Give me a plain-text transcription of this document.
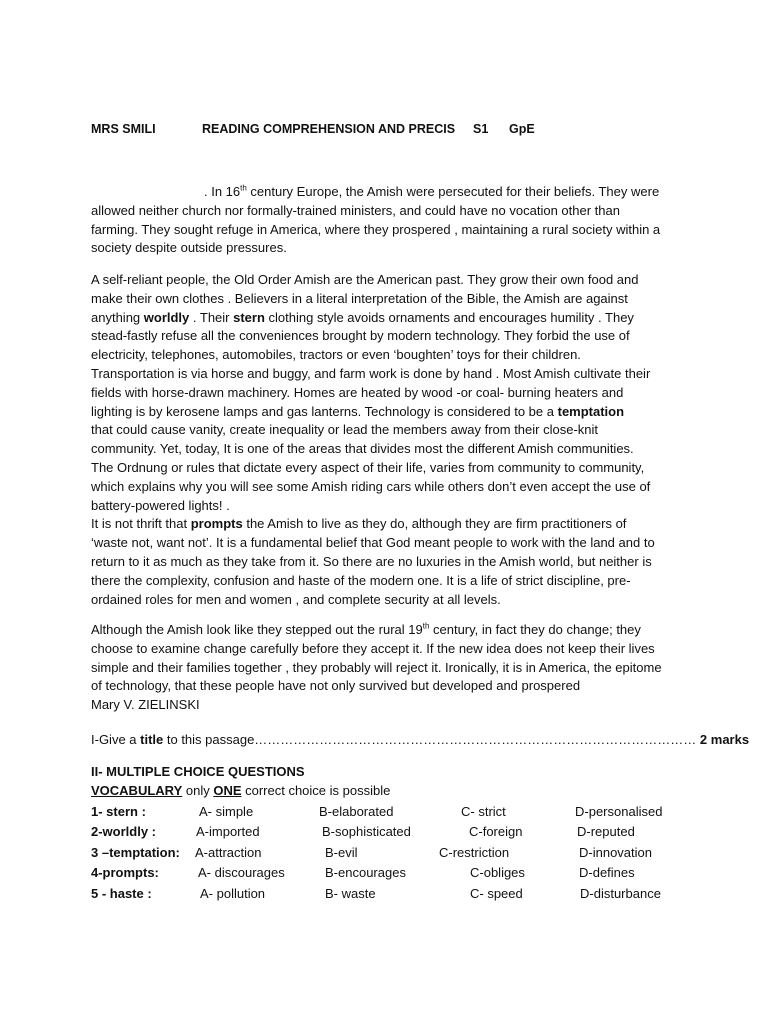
MRS SMILI

	READING COMPREHENSION AND PRECIS

S1

GpE

. In 16th century Europe, the Amish were persecuted for their beliefs. They were
allowed neither church nor formally-trained ministers, and could have no vocation other than
farming. They sought refuge in America, where they prospered , maintaining a rural society within a
society despite outside pressures.
A self-reliant people, the Old Order Amish are the American past. They grow their own food and
make their own clothes . Believers in a literal interpretation of the Bible, the Amish are against
anything worldly . Their stern clothing style avoids ornaments and encourages humility . They
stead-fastly refuse all the conveniences brought by modern technology. They forbid the use of
electricity, telephones, automobiles, tractors or even ‘boughten’ toys for their children.
Transportation is via horse and buggy, and farm work is done by hand . Most Amish cultivate their
fields with horse-drawn machinery. Homes are heated by wood -or coal- burning heaters and
lighting is by kerosene lamps and gas lanterns. Technology is considered to be a temptation
that could cause vanity, create inequality or lead the members away from their close-knit
community. Yet, today, It is one of the areas that divides most the different Amish communities.
The Ordnung or rules that dictate every aspect of their life, varies from community to community,
which explains why you will see some Amish riding cars while others don’t even accept the use of
battery-powered lights! .
It is not thrift that prompts the Amish to live as they do, although they are firm practitioners of
‘waste not, want not’. It is a fundamental belief that God meant people to work with the land and to
return to it as much as they take from it. So there are no luxuries in the Amish world, but neither is
there the complexity, confusion and haste of the modern one. It is a life of strict discipline, pre-
ordained roles for men and women , and complete security at all levels.
Although the Amish look like they stepped out the rural 19th century, in fact they do change; they
choose to examine change carefully before they accept it. If the new idea does not keep their lives
simple and their families together , they probably will reject it. Ironically, it is in America, the epitome
of technology, that these people have not only survived but developed and prospered
Mary V. ZIELINSKI
I-Give a title to this passage………………………………………………………………………………………… 2 marks
II- MULTIPLE CHOICE QUESTIONS
VOCABULARY only ONE correct choice is possible
1- stern :	A- simple	B-elaborated	C- strict	D-personalised
2-worldly :	A-imported	B-sophisticated	C-foreign	D-reputed
3 –temptation: A-attraction	B-evil	C-restriction	D-innovation
4-prompts:	A- discourages	B-encourages	C-obliges	D-defines
5 - haste :	A- pollution	B- waste	C- speed	D-disturbance
